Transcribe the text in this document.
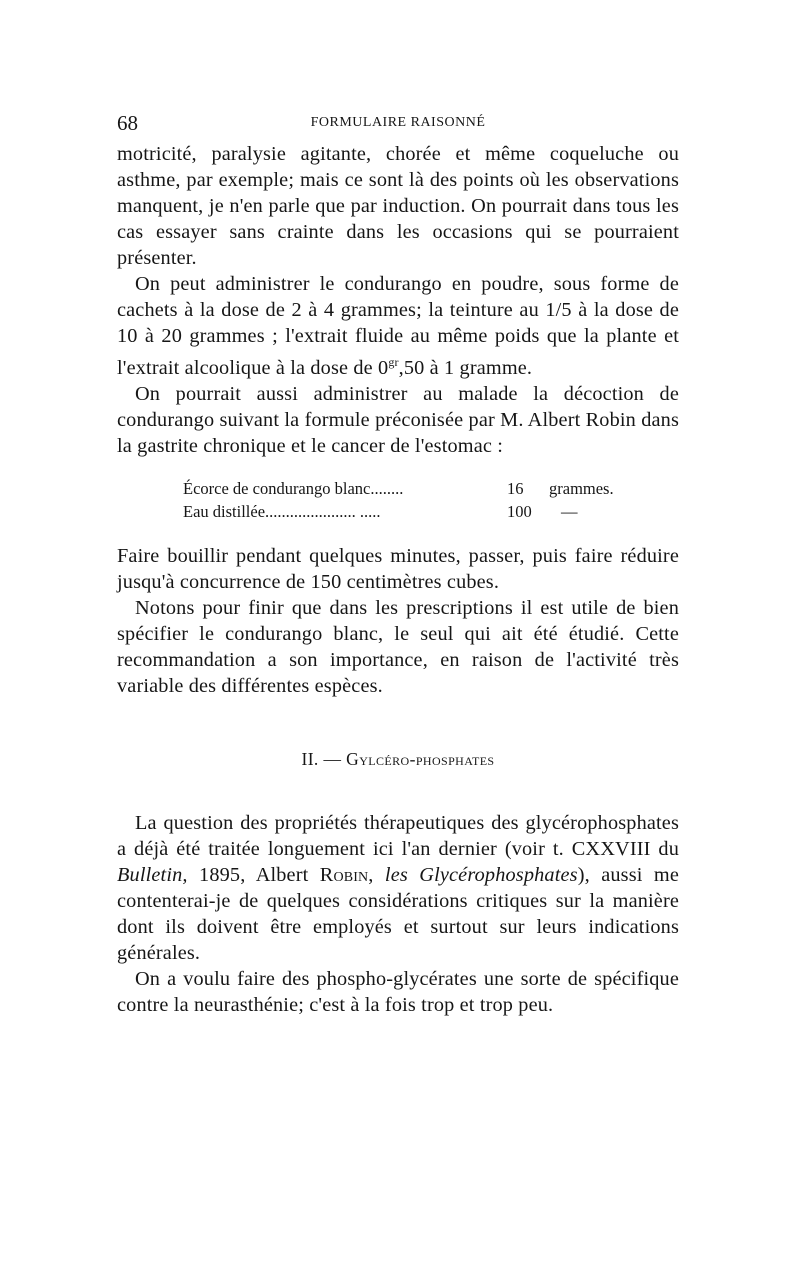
68	FORMULAIRE RAISONNÉ

motricité, paralysie agitante, chorée et même coqueluche ou asthme, par exemple; mais ce sont là des points où les observations manquent, je n'en parle que par induction. On pourrait dans tous les cas essayer sans crainte dans les occasions qui se pourraient présenter.

On peut administrer le condurango en poudre, sous forme de cachets à la dose de 2 à 4 grammes; la teinture au 1/5 à la dose de 10 à 20 grammes ; l'extrait fluide au même poids que la plante et l'extrait alcoolique à la dose de $0^{gr},50$ à 1 gramme.

On pourrait aussi administrer au malade la décoction de condurango suivant la formule préconisée par M. Albert Robin dans la gastrite chronique et le cancer de l'estomac :

Écorce de condurango blanc........	16	grammes.
Eau distillée...................... .....	100	—

Faire bouillir pendant quelques minutes, passer, puis faire réduire jusqu'à concurrence de 150 centimètres cubes.

Notons pour finir que dans les prescriptions il est utile de bien spécifier le condurango blanc, le seul qui ait été étudié. Cette recommandation a son importance, en raison de l'activité très variable des différentes espèces.

II. — Gylcéro-phosphates

La question des propriétés thérapeutiques des glycérophosphates a déjà été traitée longuement ici l'an dernier (voir t. CXXVIII du Bulletin, 1895, Albert Robin, les Glycérophosphates), aussi me contenterai-je de quelques considérations critiques sur la manière dont ils doivent être employés et surtout sur leurs indications générales.

On a voulu faire des phospho-glycérates une sorte de spécifique contre la neurasthénie; c'est à la fois trop et trop peu.
